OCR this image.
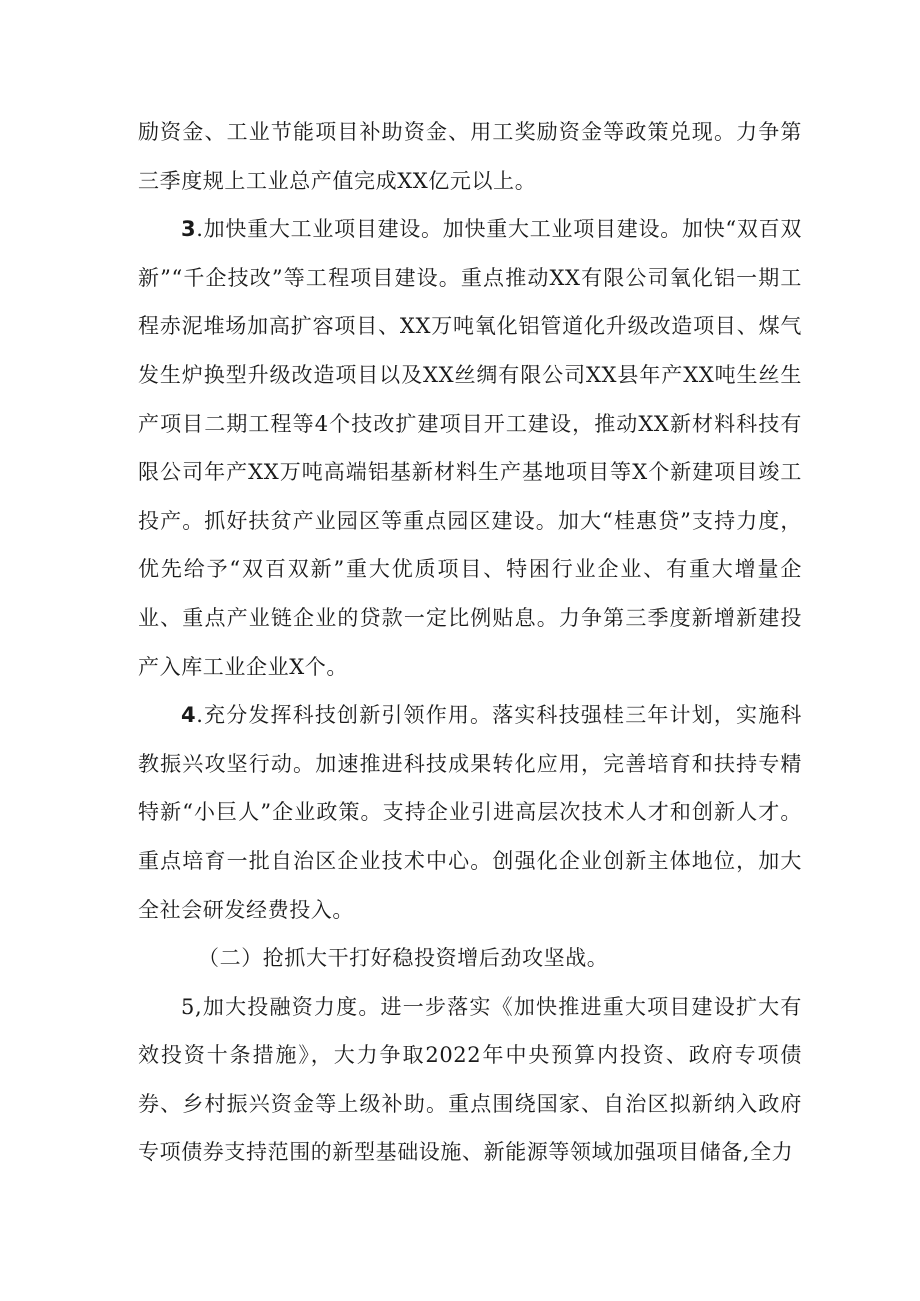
励资金、工业节能项目补助资金、用工奖励资金等政策兑现。力争第三季度规上工业总产值完成XX亿元以上。

3.加快重大工业项目建设。加快重大工业项目建设。加快“双百双新”“千企技改”等工程项目建设。重点推动XX有限公司氧化铝一期工程赤泥堆场加高扩容项目、XX万吨氧化铝管道化升级改造项目、煤气发生炉换型升级改造项目以及XX丝绸有限公司XX县年产XX吨生丝生产项目二期工程等4个技改扩建项目开工建设，推动XX新材料科技有限公司年产XX万吨高端铝基新材料生产基地项目等X个新建项目竣工投产。抓好扶贫产业园区等重点园区建设。加大“桂惠贷”支持力度，优先给予“双百双新”重大优质项目、特困行业企业、有重大增量企业、重点产业链企业的贷款一定比例贴息。力争第三季度新增新建投产入库工业企业X个。

4.充分发挥科技创新引领作用。落实科技强桂三年计划，实施科教振兴攻坚行动。加速推进科技成果转化应用，完善培育和扶持专精特新“小巨人”企业政策。支持企业引进高层次技术人才和创新人才。重点培育一批自治区企业技术中心。创强化企业创新主体地位，加大全社会研发经费投入。

（二）抢抓大干打好稳投资增后劲攻坚战。

5,加大投融资力度。进一步落实《加快推进重大项目建设扩大有效投资十条措施》，大力争取2022年中央预算内投资、政府专项债券、乡村振兴资金等上级补助。重点围绕国家、自治区拟新纳入政府专项债券支持范围的新型基础设施、新能源等领域加强项目储备,全力
